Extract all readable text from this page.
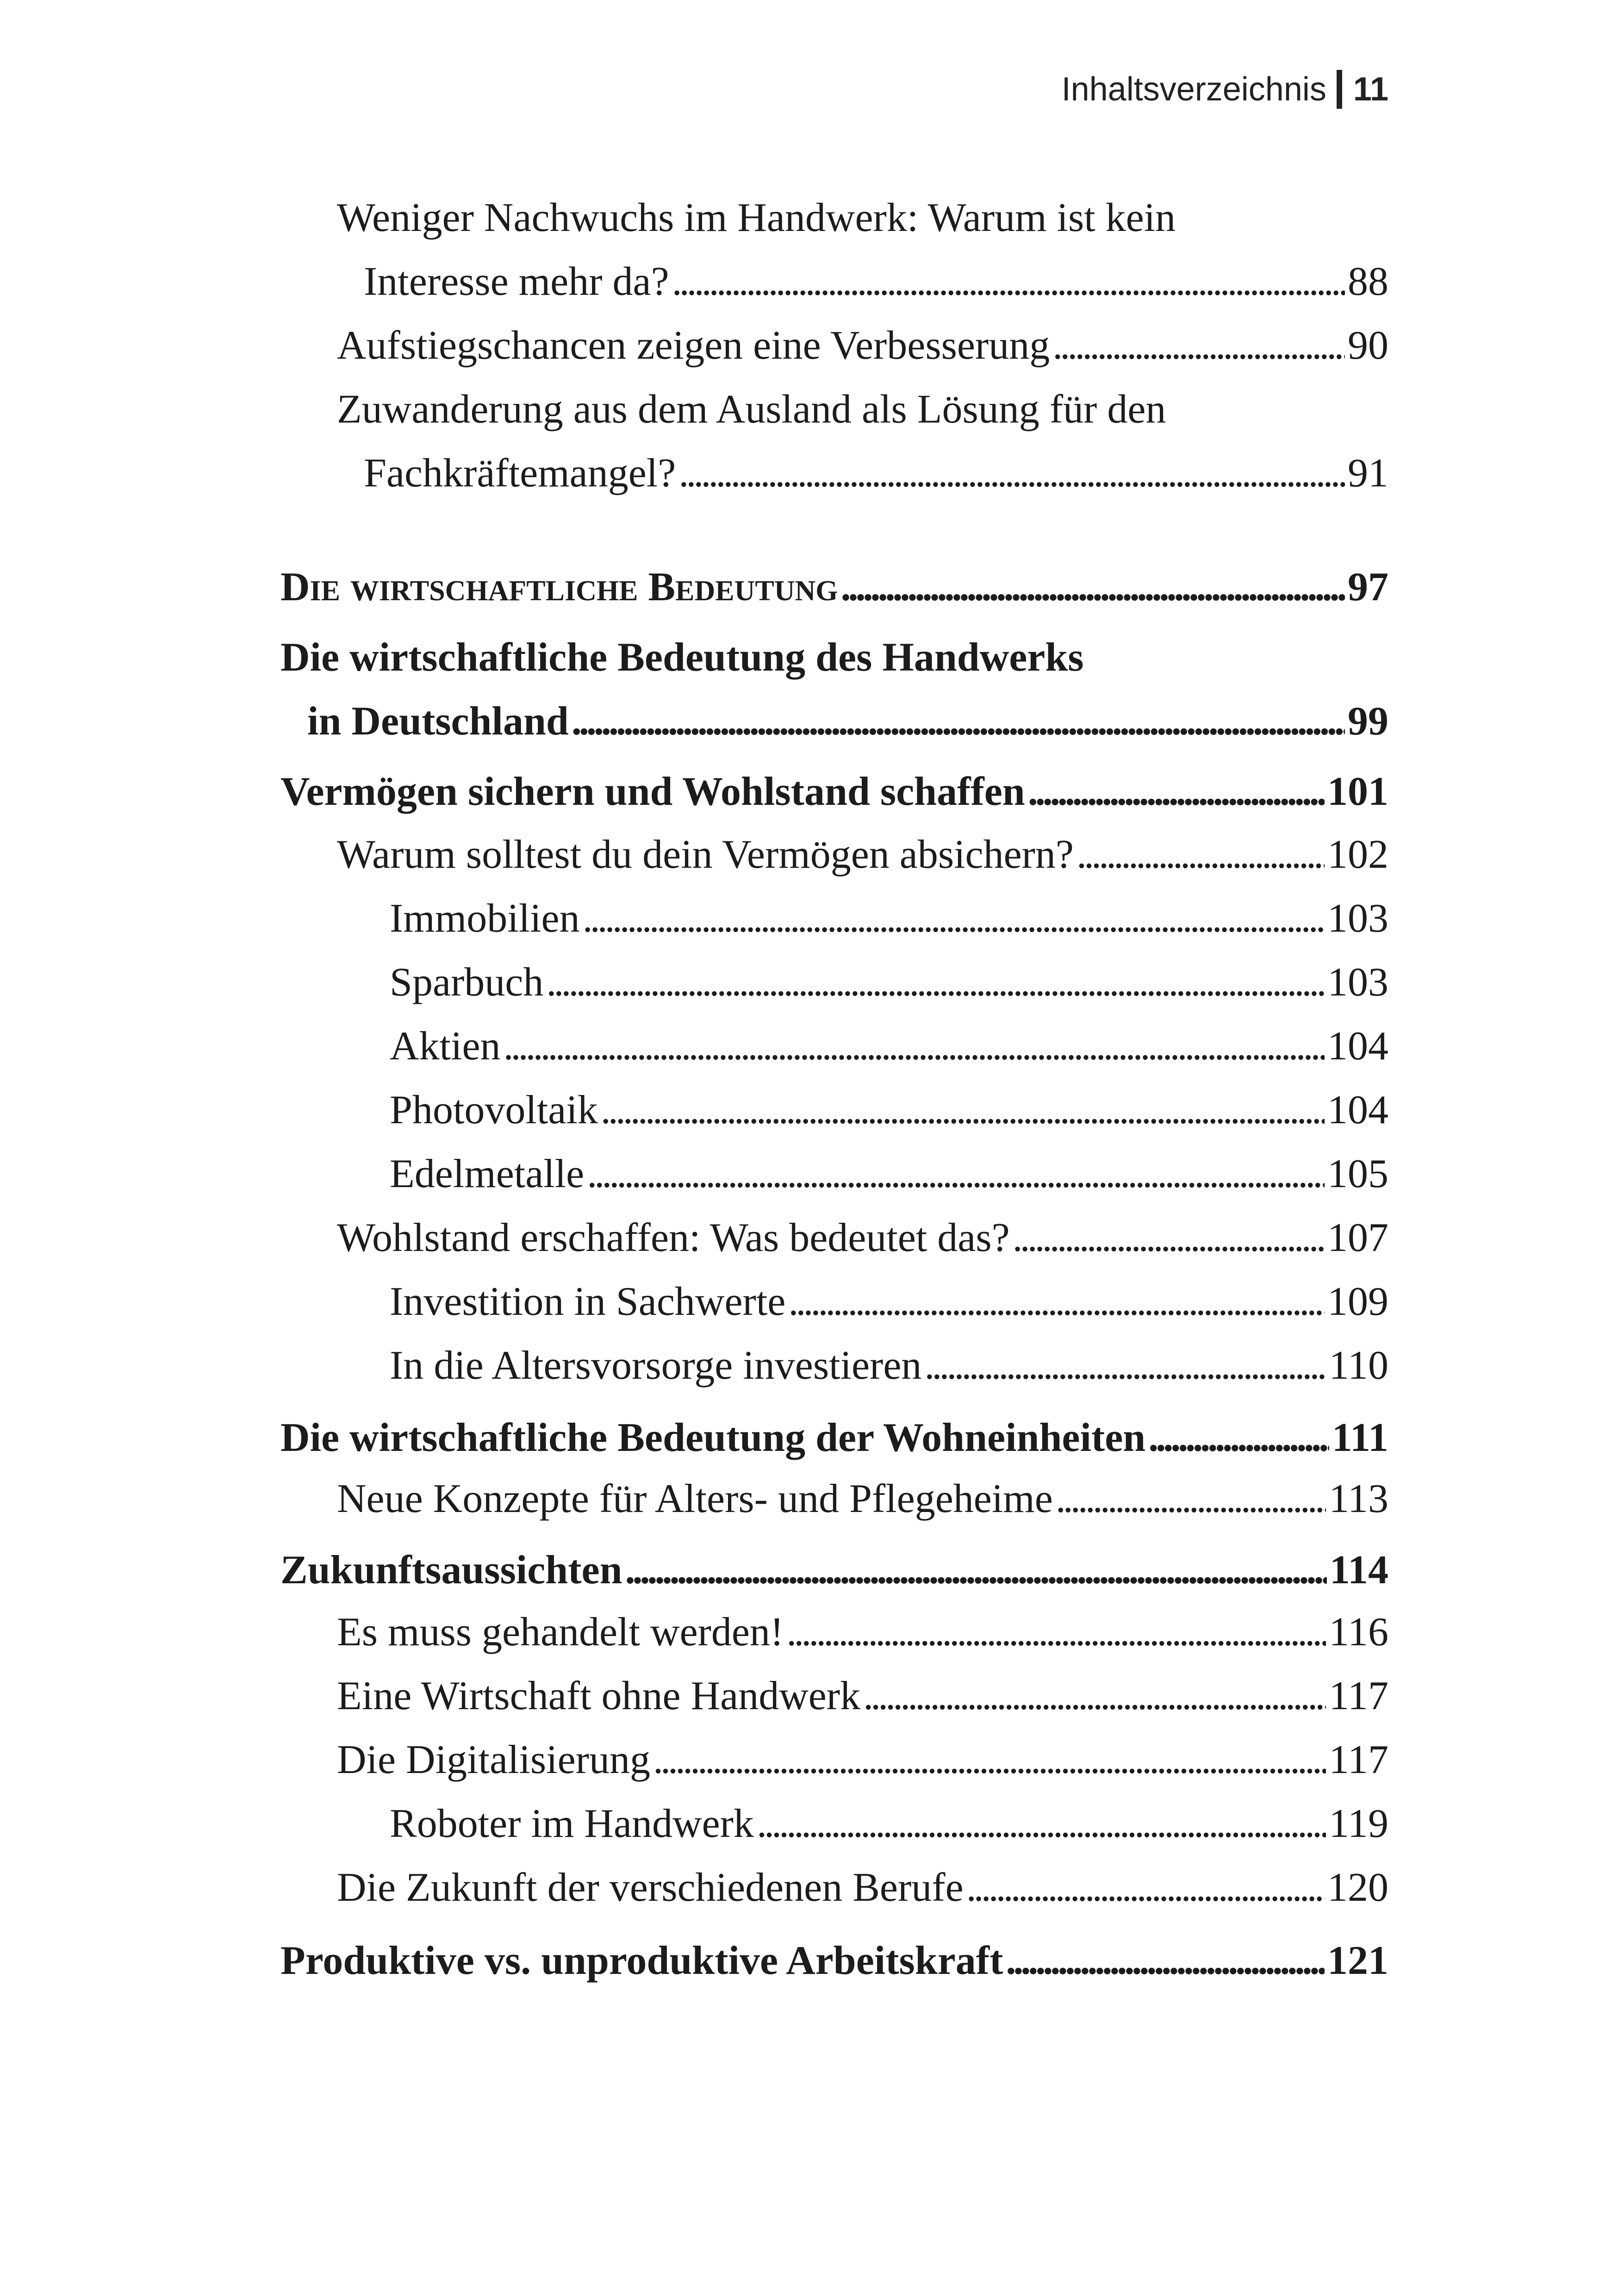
Inhaltsverzeichnis 11
Weniger Nachwuchs im Handwerk: Warum ist kein
Interesse mehr da? . . .	88
Aufstiegschancen zeigen eine Verbesserung . . .	90
Zuwanderung aus dem Ausland als Lösung für den
Fachkräftemangel? . . .	91
Die wirtschaftliche Bedeutung . . .	97
Die wirtschaftliche Bedeutung des Handwerks
in Deutschland . . .	99
Vermögen sichern und Wohlstand schaffen . . .	101
Warum solltest du dein Vermögen absichern? . . .	102
Immobilien . . .	103
Sparbuch . . .	103
Aktien . . .	104
Photovoltaik . . .	104
Edelmetalle . . .	105
Wohlstand erschaffen: Was bedeutet das? . . .	107
Investition in Sachwerte . . .	109
In die Altersvorsorge investieren . . .	110
Die wirtschaftliche Bedeutung der Wohneinheiten . . .	111
Neue Konzepte für Alters- und Pflegeheime . . .	113
Zukunftsaussichten . . .	114
Es muss gehandelt werden! . . .	116
Eine Wirtschaft ohne Handwerk . . .	117
Die Digitalisierung . . .	117
Roboter im Handwerk . . .	119
Die Zukunft der verschiedenen Berufe . . .	120
Produktive vs. unproduktive Arbeitskraft . . .	121
